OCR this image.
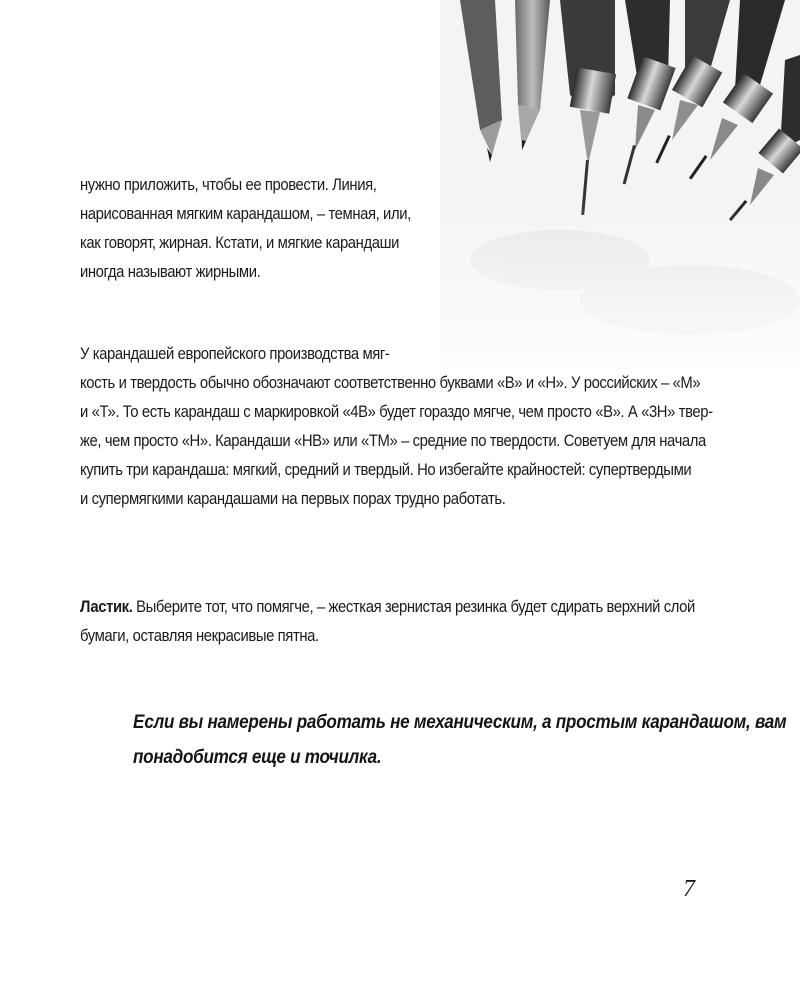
нужно приложить, чтобы ее провести. Линия,
нарисованная мягким карандашом, – темная, или,
как говорят, жирная. Кстати, и мягкие карандаши
иногда называют жирными.
У карандашей европейского производства мяг-
кость и твердость обычно обозначают соответственно буквами «B» и «H». У российских – «М»
и «Т». То есть карандаш с маркировкой «4B» будет гораздо мягче, чем просто «B». А «3H» твер-
же, чем просто «H». Карандаши «HB» или «ТМ» – средние по твердости. Советуем для начала
купить три карандаша: мягкий, средний и твердый. Но избегайте крайностей: супертвердыми
и супермягкими карандашами на первых порах трудно работать.
Ластик. Выберите тот, что помягче, – жесткая зернистая резинка будет сдирать верхний слой
бумаги, оставляя некрасивые пятна.
Если вы намерены работать не механическим, а простым карандашом, вам
понадобится еще и точилка.
7
